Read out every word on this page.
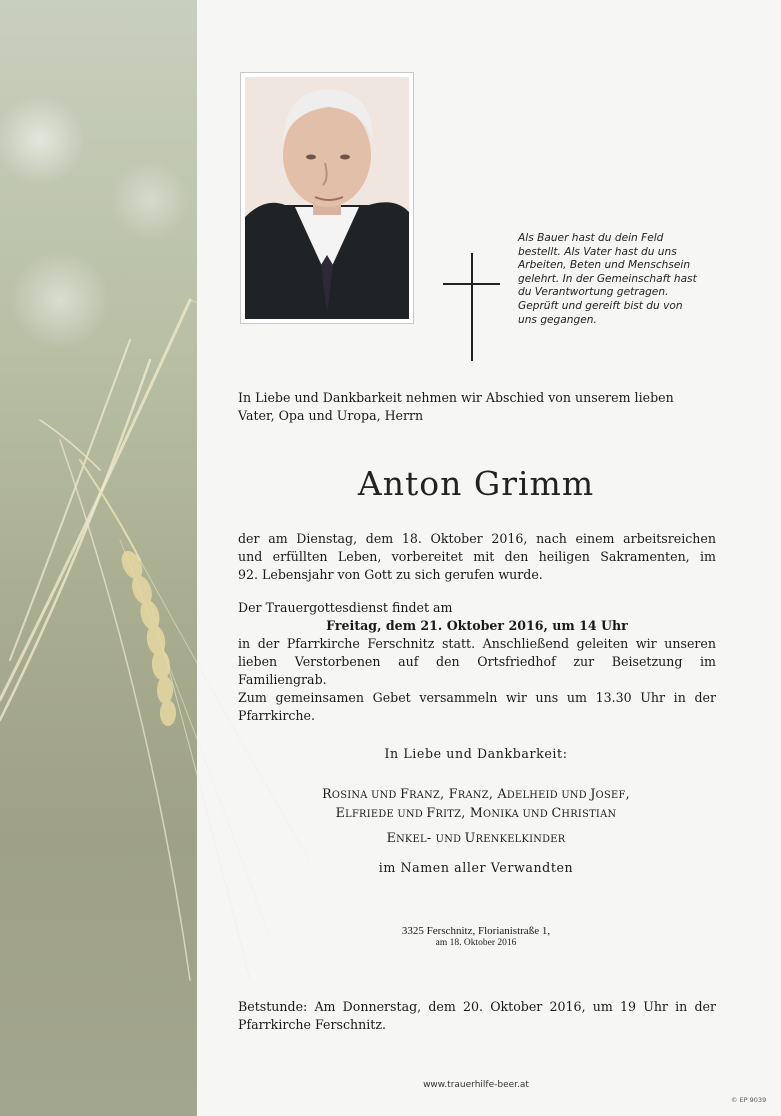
Als Bauer hast du dein Feld
bestellt. Als Vater hast du uns
Arbeiten, Beten und Menschsein
gelehrt. In der Gemeinschaft hast
du Verantwortung getragen.
Geprüft und gereift bist du von
uns gegangen.
In Liebe und Dankbarkeit nehmen wir Abschied von unserem lieben
Vater, Opa und Uropa, Herrn
Anton Grimm
der am Dienstag, dem 18. Oktober 2016, nach einem arbeitsreichen
und erfüllten Leben, vorbereitet mit den heiligen Sakramenten, im
92. Lebensjahr von Gott zu sich gerufen wurde.
Der Trauergottesdienst findet am
Freitag, dem 21. Oktober 2016, um 14 Uhr
in der Pfarrkirche Ferschnitz statt. Anschließend geleiten wir unseren
lieben Verstorbenen auf den Ortsfriedhof zur Beisetzung im
Familiengrab.
Zum gemeinsamen Gebet versammeln wir uns um 13.30 Uhr in der
Pfarrkirche.
In Liebe und Dankbarkeit:
ROSINA UND FRANZ, FRANZ, ADELHEID UND JOSEF,
ELFRIEDE UND FRITZ, MONIKA UND CHRISTIAN
ENKEL- UND URENKELKINDER
im Namen aller Verwandten
3325 Ferschnitz, Florianistraße 1,
am 18. Oktober 2016
Betstunde: Am Donnerstag, dem 20. Oktober 2016, um 19 Uhr in der
Pfarrkirche Ferschnitz.
www.trauerhilfe-beer.at
© EP 9039
